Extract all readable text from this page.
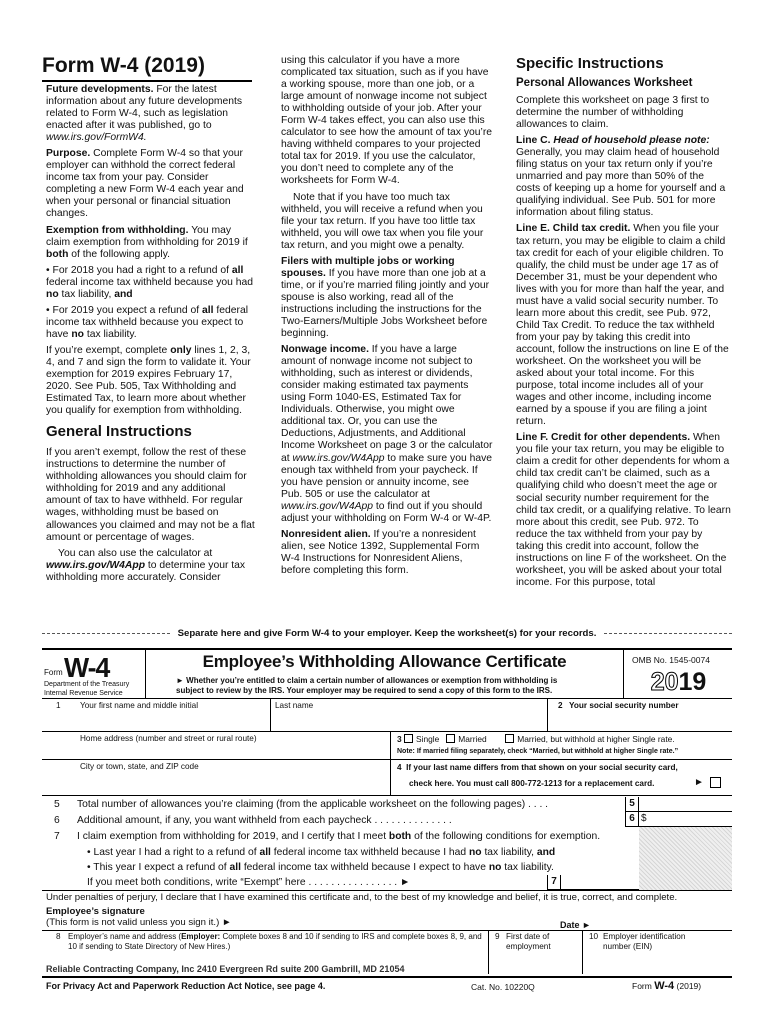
Form W-4 (2019)

Future developments. For the latest information about any future developments related to Form W-4, such as legislation enacted after it was published, go to www.irs.gov/FormW4.

Purpose. Complete Form W-4 so that your employer can withhold the correct federal income tax from your pay. Consider completing a new Form W-4 each year and when your personal or financial situation changes.

Exemption from withholding. You may claim exemption from withholding for 2019 if both of the following apply.

• For 2018 you had a right to a refund of all federal income tax withheld because you had no tax liability, and

• For 2019 you expect a refund of all federal income tax withheld because you expect to have no tax liability.

If you’re exempt, complete only lines 1, 2, 3, 4, and 7 and sign the form to validate it. Your exemption for 2019 expires February 17, 2020. See Pub. 505, Tax Withholding and Estimated Tax, to learn more about whether you qualify for exemption from withholding.

General Instructions

If you aren’t exempt, follow the rest of these instructions to determine the number of withholding allowances you should claim for withholding for 2019 and any additional amount of tax to have withheld. For regular wages, withholding must be based on allowances you claimed and may not be a flat amount or percentage of wages.

You can also use the calculator at www.irs.gov/W4App to determine your tax withholding more accurately. Consider

using this calculator if you have a more complicated tax situation, such as if you have a working spouse, more than one job, or a large amount of nonwage income not subject to withholding outside of your job. After your Form W-4 takes effect, you can also use this calculator to see how the amount of tax you’re having withheld compares to your projected total tax for 2019. If you use the calculator, you don’t need to complete any of the worksheets for Form W-4.

Note that if you have too much tax withheld, you will receive a refund when you file your tax return. If you have too little tax withheld, you will owe tax when you file your tax return, and you might owe a penalty.

Filers with multiple jobs or working spouses. If you have more than one job at a time, or if you’re married filing jointly and your spouse is also working, read all of the instructions including the instructions for the Two-Earners/Multiple Jobs Worksheet before beginning.

Nonwage income. If you have a large amount of nonwage income not subject to withholding, such as interest or dividends, consider making estimated tax payments using Form 1040-ES, Estimated Tax for Individuals. Otherwise, you might owe additional tax. Or, you can use the Deductions, Adjustments, and Additional Income Worksheet on page 3 or the calculator at www.irs.gov/W4App to make sure you have enough tax withheld from your paycheck. If you have pension or annuity income, see Pub. 505 or use the calculator at www.irs.gov/W4App to find out if you should adjust your withholding on Form W-4 or W-4P.

Nonresident alien. If you’re a nonresident alien, see Notice 1392, Supplemental Form W-4 Instructions for Nonresident Aliens, before completing this form.

Specific Instructions
Personal Allowances Worksheet

Complete this worksheet on page 3 first to determine the number of withholding allowances to claim.

Line C. Head of household please note: Generally, you may claim head of household filing status on your tax return only if you’re unmarried and pay more than 50% of the costs of keeping up a home for yourself and a qualifying individual. See Pub. 501 for more information about filing status.

Line E. Child tax credit. When you file your tax return, you may be eligible to claim a child tax credit for each of your eligible children. To qualify, the child must be under age 17 as of December 31, must be your dependent who lives with you for more than half the year, and must have a valid social security number. To learn more about this credit, see Pub. 972, Child Tax Credit. To reduce the tax withheld from your pay by taking this credit into account, follow the instructions on line E of the worksheet. On the worksheet you will be asked about your total income. For this purpose, total income includes all of your wages and other income, including income earned by a spouse if you are filing a joint return.

Line F. Credit for other dependents. When you file your tax return, you may be eligible to claim a credit for other dependents for whom a child tax credit can’t be claimed, such as a qualifying child who doesn’t meet the age or social security number requirement for the child tax credit, or a qualifying relative. To learn more about this credit, see Pub. 972. To reduce the tax withheld from your pay by taking this credit into account, follow the instructions on line F of the worksheet. On the worksheet, you will be asked about your total income. For this purpose, total

Separate here and give Form W-4 to your employer. Keep the worksheet(s) for your records.
Form W-4
Department of the Treasury
Internal Revenue Service
Employee’s Withholding Allowance Certificate
► Whether you’re entitled to claim a certain number of allowances or exemption from withholding is
subject to review by the IRS. Your employer may be required to send a copy of this form to the IRS.
OMB No. 1545-0074
2019
1 Your first name and middle initial	Last name	2 Your social security number
Home address (number and street or rural route)	3 Single Married	Married, but withhold at higher Single rate.
Note: If married filing separately, check “Married, but withhold at higher Single rate.”
City or town, state, and ZIP code	4 If your last name differs from that shown on your social security card,
check here. You must call 800-772-1213 for a replacement card.	►
5	Total number of allowances you’re claiming (from the applicable worksheet on the following pages) . . . .	5
6	Additional amount, if any, you want withheld from each paycheck . . . . . . . . . . . . . .	6 $
7	I claim exemption from withholding for 2019, and I certify that I meet both of the following conditions for exemption.
• Last year I had a right to a refund of all federal income tax withheld because I had no tax liability, and
• This year I expect a refund of all federal income tax withheld because I expect to have no tax liability.
If you meet both conditions, write “Exempt” here . . . . . . . . . . . . . . . . ►	7
Under penalties of perjury, I declare that I have examined this certificate and, to the best of my knowledge and belief, it is true, correct, and complete.
Employee’s signature
(This form is not valid unless you sign it.) ►	Date ►
8 Employer’s name and address (Employer: Complete boxes 8 and 10 if sending to IRS and complete boxes 8, 9, and 10 if sending to State Directory of New Hires.)
9 First date of employment
10 Employer identification number (EIN)
Reliable Contracting Company, Inc 2410 Evergreen Rd suite 200 Gambrill, MD 21054
For Privacy Act and Paperwork Reduction Act Notice, see page 4.	Cat. No. 10220Q	Form W-4 (2019)
